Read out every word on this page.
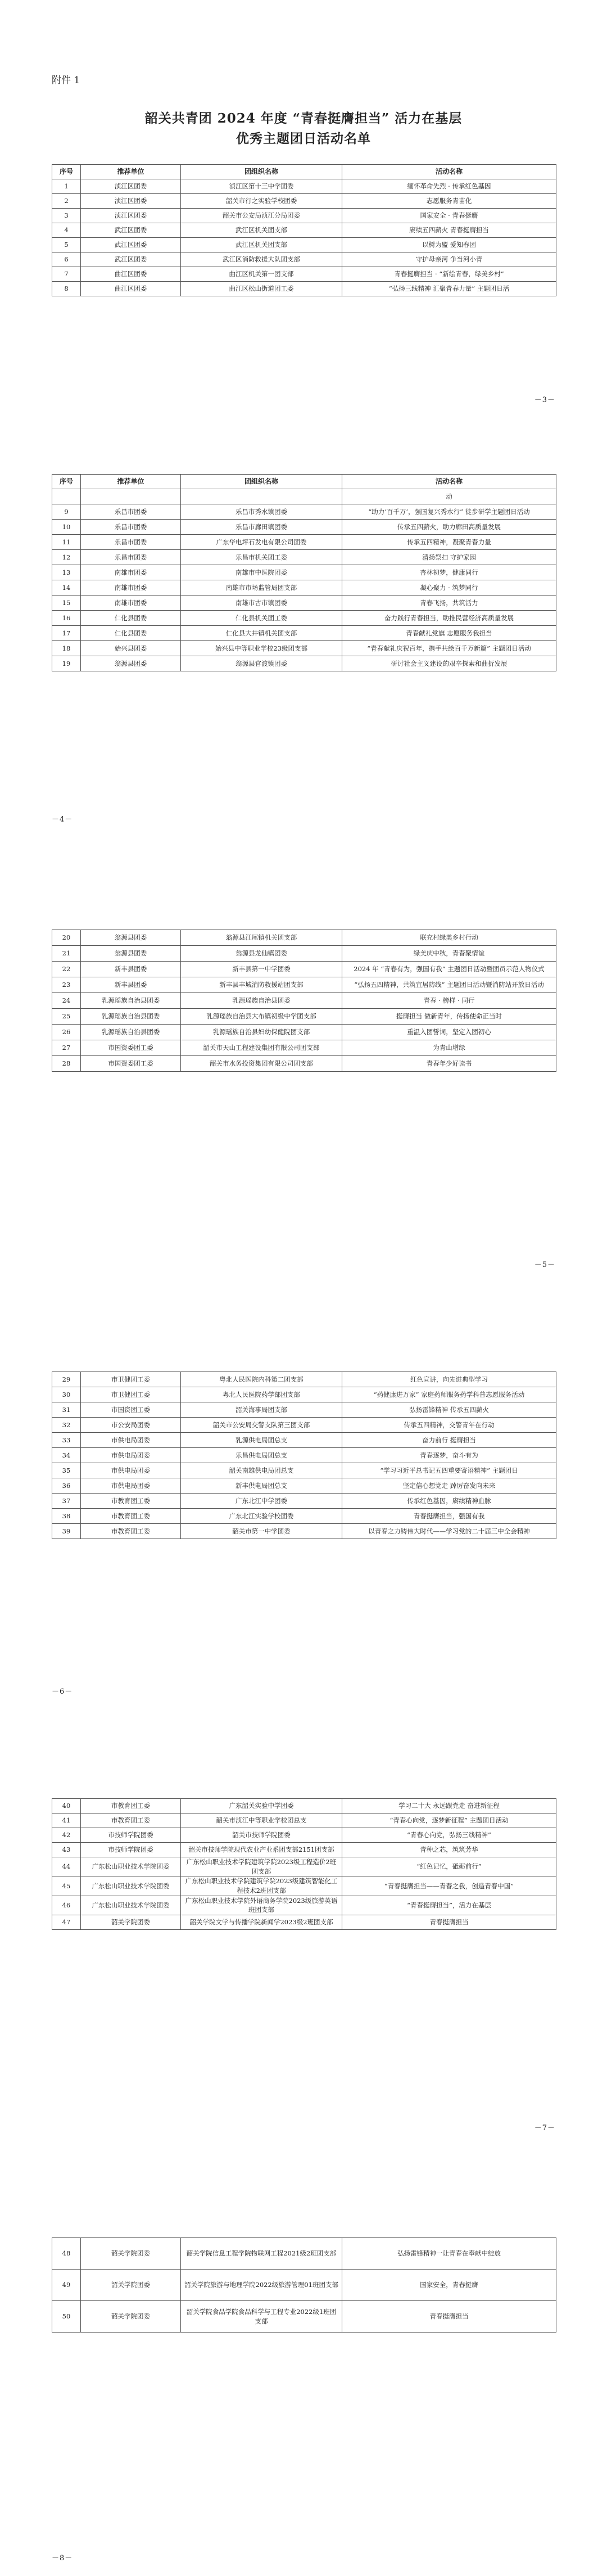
附件 1
韶关共青团 2024 年度 “青春挺膺担当” 活力在基层
优秀主题团日活动名单
序号	推荐单位	团组织名称	活动名称
1	浈江区团委	浈江区第十三中学团委	缅怀革命先烈 · 传承红色基因
2	浈江区团委	韶关市行之实验学校团委	志愿服务青苗化
3	浈江区团委	韶关市公安局浈江分局团委	国家安全 · 青春挺膺
4	武江区团委	武江区机关团支部	赓续五四薪火 青春挺膺担当
5	武江区团委	武江区机关团支部	以树为盟 爱知春团
6	武江区团委	武江区消防救援大队团支部	守护母亲河 争当河小青
7	曲江区团委	曲江区机关第一团支部	青春挺膺担当 · “新绘青春，绿美乡村”
8	曲江区团委	曲江区松山街道团工委	“弘扬三线精神 汇聚青春力量” 主题团日活
－3－
序号	推荐单位	团组织名称	活动名称
			动
9	乐昌市团委	乐昌市秀水镇团委	“助力‘百千万’，强国复兴秀水行” 徒步研学主题团日活动
10	乐昌市团委	乐昌市廊田镇团委	传承五四薪火，助力廊田高质量发展
11	乐昌市团委	广东华电坪石发电有限公司团委	传承五四精神，凝聚青春力量
12	乐昌市团委	乐昌市机关团工委	清扬祭扫 守护家园
13	南雄市团委	南雄市中医院团委	杏林初梦，健康同行
14	南雄市团委	南雄市市场监管局团支部	凝心聚力 · 筑梦同行
15	南雄市团委	南雄市古市镇团委	青春飞扬，共筑活力
16	仁化县团委	仁化县机关团工委	奋力践行青春担当，助推民营经济高质量发展
17	仁化县团委	仁化县大井镇机关团支部	青春献礼党旗 志愿服务我担当
18	始兴县团委	始兴县中等职业学校23级团支部	“青春献礼庆祝百年，携手共绘百千万新篇” 主题团日活动
19	翁源县团委	翁源县官渡镇团委	研讨社会主义建设的艰辛探索和曲折发展
－4－
20	翁源县团委	翁源县江尾镇机关团支部	联充村绿美乡村行动
21	翁源县团委	翁源县龙仙镇团委	绿美庆中秋，青春聚情谊
22	新丰县团委	新丰县第一中学团委	2024 年 “青春有为，强国有我” 主题团日活动暨团员示范人物仪式
23	新丰县团委	新丰县丰城消防救援站团支部	“弘扬五四精神，共筑宜居防线” 主题团日活动暨消防站开放日活动
24	乳源瑶族自治县团委	乳源瑶族自治县团委	青春 · 榜样 · 同行
25	乳源瑶族自治县团委	乳源瑶族自治县大布镇初级中学团支部	挺膺担当 做新青年，传扬使命正当时
26	乳源瑶族自治县团委	乳源瑶族自治县妇幼保健院团支部	重温入团誓词，坚定入团初心
27	市国资委团工委	韶关市天山工程建设集团有限公司团支部	为青山增绿
28	市国资委团工委	韶关市水务投资集团有限公司团支部	青春年少好读书
－5－
29	市卫健团工委	粤北人民医院内科第二团支部	红色宣讲，向先进典型学习
30	市卫健团工委	粤北人民医院药学部团支部	“药健康进万家” 家庭药师服务药学科普志愿服务活动
31	市国资团工委	韶关海事局团支部	弘扬雷锋精神 传承五四薪火
32	市公安局团委	韶关市公安局交警支队第三团支部	传承五四精神，交警青年在行动
33	市供电局团委	乳源供电局团总支	奋力前行 挺膺担当
34	市供电局团委	乐昌供电局团总支	青春逐梦，奋斗有为
35	市供电局团委	韶关南雄供电局团总支	“学习习近平总书记五四重要寄语精神” 主题团日
36	市供电局团委	新丰供电局团总支	坚定信心想党走 踔厉奋发向未来
37	市教育团工委	广东北江中学团委	传承红色基因，赓续精神血脉
38	市教育团工委	广东北江实验学校团委	青春挺膺担当，强国有我
39	市教育团工委	韶关市第一中学团委	以青春之力铸伟大时代——学习党的二十届三中全会精神
－6－
40	市教育团工委	广东韶关实验中学团委	学习二十大 永远跟党走 奋进新征程
41	市教育团工委	韶关市浈江中等职业学校团总支	“青春心向党，逐梦新征程” 主题团日活动
42	市技师学院团委	韶关市技师学院团委	“青春心向党，弘扬三线精神”
43	市技师学院团委	韶关市技师学院现代农业产业系团支部2151团支部	青种之芯，筑筑芳华
44	广东松山职业技术学院团委	广东松山职业技术学院建筑学院2023级工程造价2班团支部	“红色记忆，砥砺前行”
45	广东松山职业技术学院团委	广东松山职业技术学院建筑学院2023级建筑智能化工程技术2班团支部	“青春挺膺担当——青春之我，创造青春中国”
46	广东松山职业技术学院团委	广东松山职业技术学院外语商务学院2023级旅游英语班团支部	“青春挺膺担当”，活力在基层
47	韶关学院团委	韶关学院文学与传播学院新闻学2023级2班团支部	青春挺膺担当
－7－
48	韶关学院团委	韶关学院信息工程学院物联网工程2021级2班团支部	弘扬雷锋精神一让青春在奉献中绽放
49	韶关学院团委	韶关学院旅游与地理学院2022级旅游管理01班团支部	国家安全，青春挺膺
50	韶关学院团委	韶关学院食品学院食品科学与工程专业2022级1班团支部	青春挺膺担当
－8－
